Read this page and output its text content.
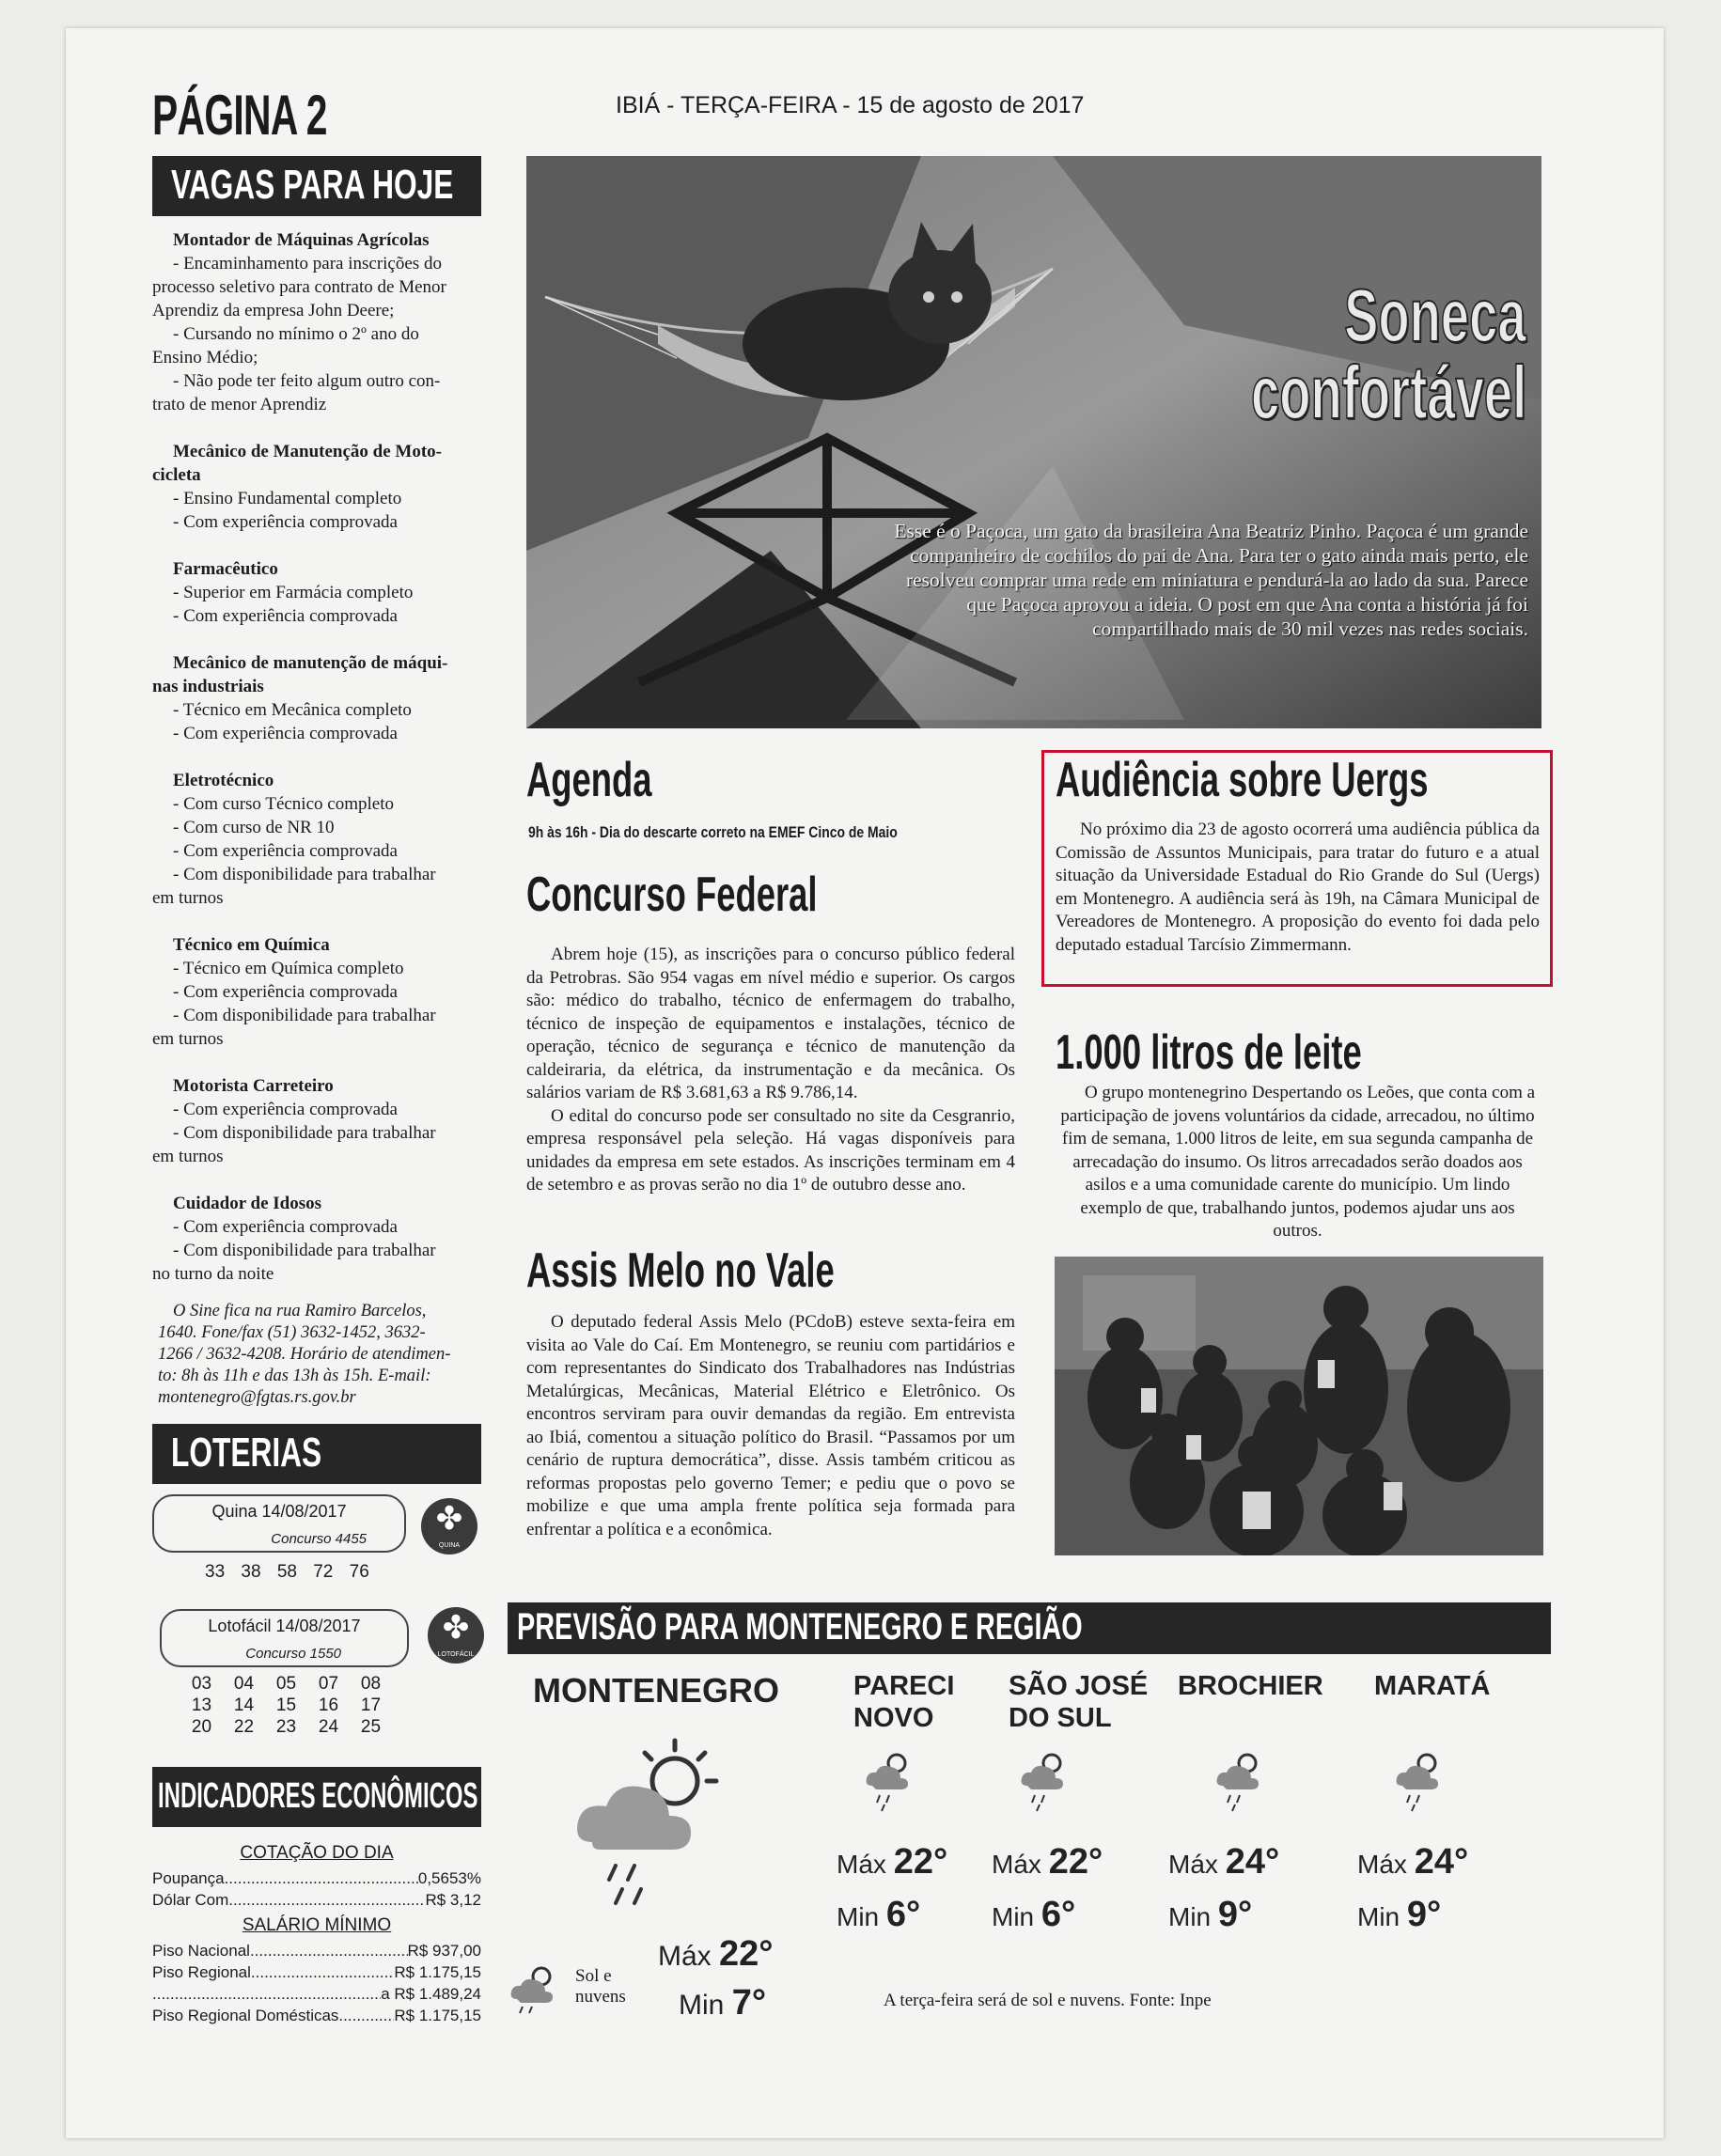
PÁGINA 2	IBIÁ - TERÇA-FEIRA - 15 de agosto de 2017
VAGAS PARA HOJE
Montador de Máquinas Agrícolas
- Encaminhamento para inscrições do
processo seletivo para contrato de Menor
Aprendiz da empresa John Deere;
- Cursando no mínimo o 2º ano do
Ensino Médio;
- Não pode ter feito algum outro con-
trato de menor Aprendiz
Mecânico de Manutenção de Moto-
cicleta
- Ensino Fundamental completo
- Com experiência comprovada
Farmacêutico
- Superior em Farmácia completo
- Com experiência comprovada
Mecânico de manutenção de máqui-
nas industriais
- Técnico em Mecânica completo
- Com experiência comprovada
Eletrotécnico
- Com curso Técnico completo
- Com curso de NR 10
- Com experiência comprovada
- Com disponibilidade para trabalhar
em turnos
Técnico em Química
- Técnico em Química completo
- Com experiência comprovada
- Com disponibilidade para trabalhar
em turnos
Motorista Carreteiro
- Com experiência comprovada
- Com disponibilidade para trabalhar
em turnos
Cuidador de Idosos
- Com experiência comprovada
- Com disponibilidade para trabalhar
no turno da noite
O Sine fica na rua Ramiro Barcelos,
1640. Fone/fax (51) 3632-1452, 3632-
1266 / 3632-4208. Horário de atendimen-
to: 8h às 11h e das 13h às 15h. E-mail:
montenegro@fgtas.rs.gov.br
LOTERIAS
Quina 14/08/2017
Concurso 4455
✤
QUINA
33 38 58 72 76
Lotofácil 14/08/2017
Concurso 1550
✤
LOTOFÁCIL
03 04 05 07 08
13 14 15 16 17
20 22 23 24 25
INDICADORES ECONÔMICOS
COTAÇÃO DO DIA
Poupança .....	0,5653%
Dólar Com .....	R$ 3,12
SALÁRIO MÍNIMO
Piso Nacional .....	R$ 937,00
Piso Regional .....	R$ 1.175,15
.....
a R$ 1.489,24
Piso Regional Domésticas .....	R$ 1.175,15
Soneca
confortável
Esse é o Paçoca, um gato da brasileira Ana Beatriz Pinho. Paçoca é um grande companheiro de cochilos do pai de Ana. Para ter o gato ainda mais perto, ele resolveu comprar uma rede em miniatura e pendurá-la ao lado da sua. Parece que Paçoca aprovou a ideia. O post em que Ana conta a história já foi compartilhado mais de 30 mil vezes nas redes sociais.
Agenda
9h às 16h - Dia do descarte correto na EMEF Cinco de Maio
Concurso Federal

Abrem hoje (15), as inscrições para o concurso público federal da Petrobras. São 954 vagas em nível médio e superior. Os cargos são: médico do trabalho, técnico de enfermagem do trabalho, técnico de inspeção de equipamentos e instalações, técnico de operação, técnico de segurança e técnico de manutenção da caldeiraria, da elétrica, da instrumentação e da mecânica. Os salários variam de R$ 3.681,63 a R$ 9.786,14.

O edital do concurso pode ser consultado no site da Cesgranrio, empresa responsável pela seleção. Há vagas disponíveis para unidades da empresa em sete estados. As inscrições terminam em 4 de setembro e as provas serão no dia 1º de outubro desse ano.

Assis Melo no Vale

O deputado federal Assis Melo (PCdoB) esteve sexta-feira em visita ao Vale do Caí. Em Montenegro, se reuniu com partidários e com representantes do Sindicato dos Trabalhadores nas Indústrias Metalúrgicas, Mecânicas, Material Elétrico e Eletrônico. Os encontros serviram para ouvir demandas da região. Em entrevista ao Ibiá, comentou a situação político do Brasil. “Passamos por um cenário de ruptura democrática”, disse. Assis também criticou as reformas propostas pelo governo Temer; e pediu que o povo se mobilize e que uma ampla frente política seja formada para enfrentar a política e a econômica.

Audiência sobre Uergs

No próximo dia 23 de agosto ocorrerá uma audiência pública da Comissão de Assuntos Municipais, para tratar do futuro e a atual situação da Universidade Estadual do Rio Grande do Sul (Uergs) em Montenegro. A audiência será às 19h, na Câmara Municipal de Vereadores de Montenegro. A proposição do evento foi dada pelo deputado estadual Tarcísio Zimmermann.

1.000 litros de leite

O grupo montenegrino Despertando os Leões, que conta com a participação de jovens voluntários da cidade, arrecadou, no último fim de semana, 1.000 litros de leite, em sua segunda campanha de arrecadação do insumo. Os litros arrecadados serão doados aos asilos e a uma comunidade carente do município. Um lindo exemplo de que, trabalhando juntos, podemos ajudar uns aos outros.

PREVISÃO PARA MONTENEGRO E REGIÃO
MONTENEGRO
Máx 22°
Min 7°
Sol e nuvens
PARECI
NOVO
Máx 22°
Min 6°
SÃO JOSÉ
DO SUL
Máx 22°
Min 6°
BROCHIER
Máx 24°
Min 9°
MARATÁ
Máx 24°
Min 9°
A terça-feira será de sol e nuvens. Fonte: Inpe
